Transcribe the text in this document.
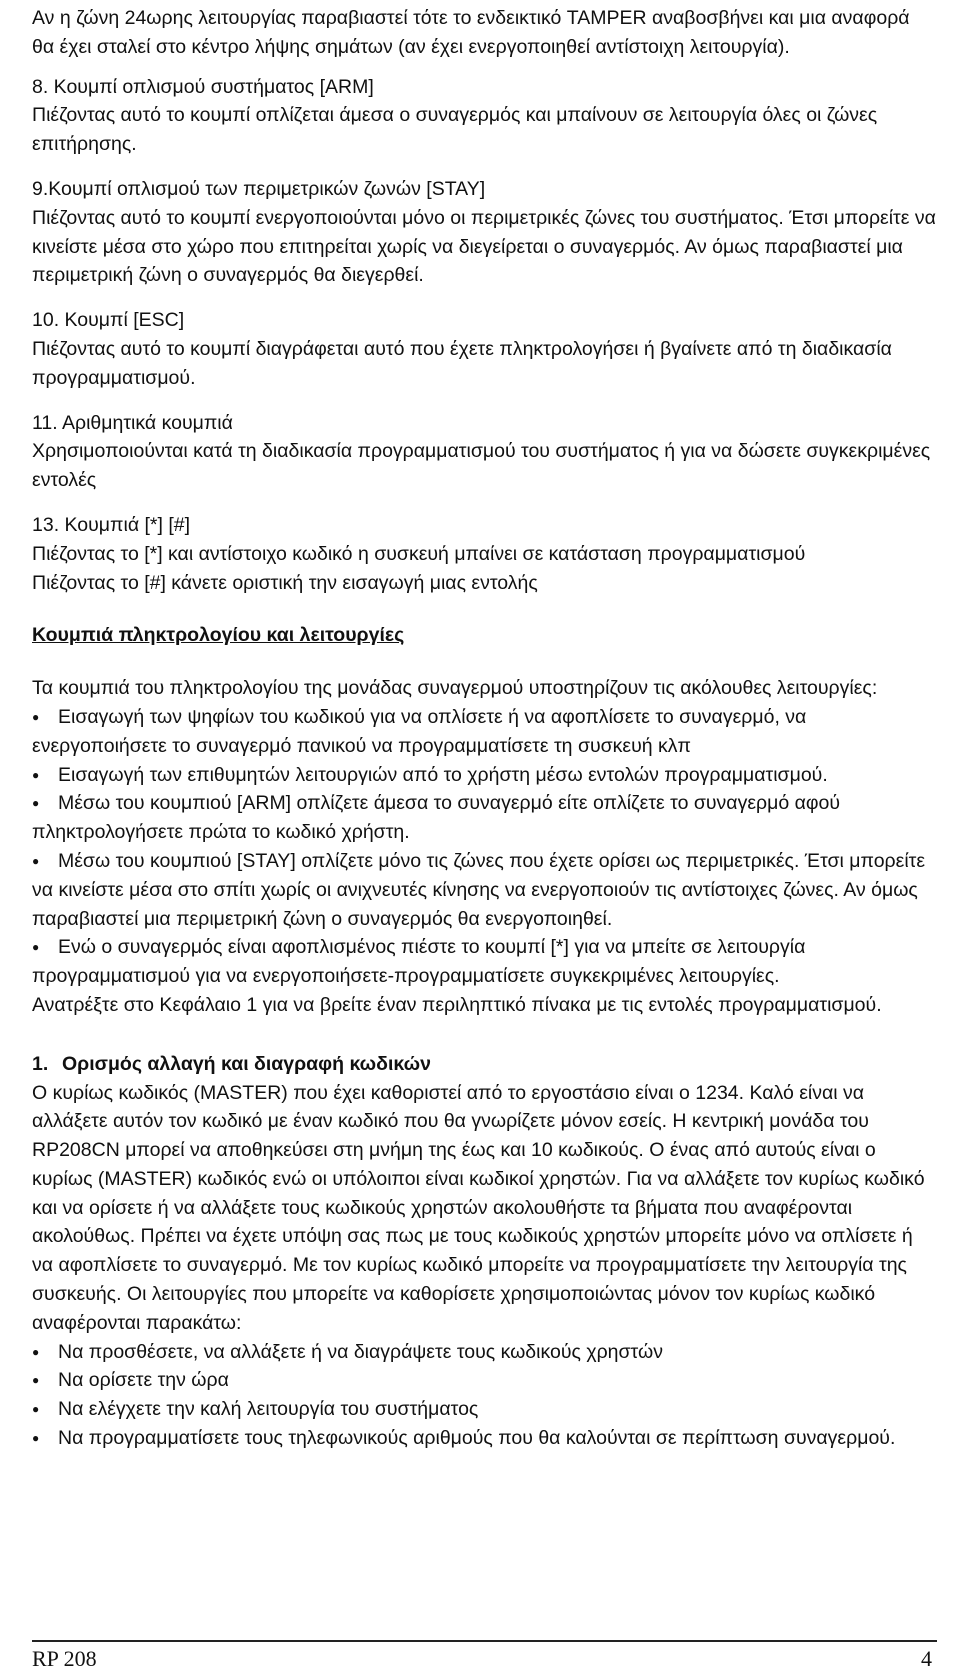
Αν η ζώνη 24ωρης λειτουργίας παραβιαστεί τότε το ενδεικτικό TAMPER αναβοσβήνει και μια αναφορά θα έχει σταλεί στο κέντρο λήψης σημάτων (αν έχει ενεργοποιηθεί αντίστοιχη λειτουργία).

8. Κουμπί οπλισμού συστήματος [ARM]

Πιέζοντας αυτό το κουμπί οπλίζεται άμεσα ο συναγερμός και μπαίνουν σε λειτουργία όλες οι ζώνες επιτήρησης.

9.Κουμπί οπλισμού των περιμετρικών ζωνών [STAY]

Πιέζοντας αυτό το κουμπί ενεργοποιούνται μόνο οι περιμετρικές ζώνες του συστήματος. Έτσι μπορείτε να κινείστε μέσα στο χώρο που επιτηρείται χωρίς να διεγείρεται ο συναγερμός. Αν όμως παραβιαστεί μια περιμετρική ζώνη ο συναγερμός θα διεγερθεί.

10. Κουμπί [ESC]

Πιέζοντας αυτό το κουμπί διαγράφεται αυτό που έχετε πληκτρολογήσει ή βγαίνετε από τη διαδικασία προγραμματισμού.

11. Αριθμητικά κουμπιά

Χρησιμοποιούνται κατά τη διαδικασία προγραμματισμού του συστήματος ή για να δώσετε συγκεκριμένες εντολές

13. Κουμπιά [*] [#]

Πιέζοντας το [*] και αντίστοιχο κωδικό η συσκευή μπαίνει σε κατάσταση προγραμματισμού

Πιέζοντας το [#] κάνετε οριστική την εισαγωγή μιας εντολής

Κουμπιά πληκτρολογίου και λειτουργίες

Τα κουμπιά του πληκτρολογίου της μονάδας συναγερμού υποστηρίζουν τις ακόλουθες λειτουργίες:

● Εισαγωγή των ψηφίων του κωδικού για να οπλίσετε ή να αφοπλίσετε το συναγερμό, να ενεργοποιήσετε το συναγερμό πανικού να προγραμματίσετε τη συσκευή κλπ
● Εισαγωγή των επιθυμητών λειτουργιών από το χρήστη μέσω εντολών προγραμματισμού.
● Μέσω του κουμπιού [ARM] οπλίζετε άμεσα το συναγερμό είτε οπλίζετε το συναγερμό αφού πληκτρολογήσετε πρώτα το κωδικό χρήστη.
● Μέσω του κουμπιού [STAY] οπλίζετε μόνο τις ζώνες που έχετε ορίσει ως περιμετρικές. Έτσι μπορείτε να κινείστε μέσα στο σπίτι χωρίς οι ανιχνευτές κίνησης να ενεργοποιούν τις αντίστοιχες ζώνες. Αν όμως παραβιαστεί μια περιμετρική ζώνη ο συναγερμός θα ενεργοποιηθεί.
● Ενώ ο συναγερμός είναι αφοπλισμένος πιέστε το κουμπί [*] για να μπείτε σε λειτουργία προγραμματισμού για να ενεργοποιήσετε-προγραμματίσετε συγκεκριμένες λειτουργίες.

Ανατρέξτε στο Κεφάλαιο 1 για να βρείτε έναν περιληπτικό πίνακα με τις εντολές προγραμματισμού.

1. Ορισμός αλλαγή και διαγραφή κωδικών

Ο κυρίως κωδικός (MASTER) που έχει καθοριστεί από το εργοστάσιο είναι ο 1234. Καλό είναι να αλλάξετε αυτόν τον κωδικό με έναν κωδικό που θα γνωρίζετε μόνον εσείς. Η κεντρική μονάδα του RP208CN μπορεί να αποθηκεύσει στη μνήμη της έως και 10 κωδικούς. Ο ένας από αυτούς είναι ο κυρίως (MASTER) κωδικός ενώ οι υπόλοιποι είναι κωδικοί χρηστών. Για να αλλάξετε τον κυρίως κωδικό και να ορίσετε ή να αλλάξετε τους κωδικούς χρηστών ακολουθήστε τα βήματα που αναφέρονται ακολούθως. Πρέπει να έχετε υπόψη σας πως με τους κωδικούς χρηστών μπορείτε μόνο να οπλίσετε ή να αφοπλίσετε το συναγερμό. Με τον κυρίως κωδικό μπορείτε να προγραμματίσετε την λειτουργία της συσκευής. Οι λειτουργίες που μπορείτε να καθορίσετε χρησιμοποιώντας μόνον τον κυρίως κωδικό αναφέρονται παρακάτω:

● Να προσθέσετε, να αλλάξετε ή να διαγράψετε τους κωδικούς χρηστών
● Να ορίσετε την ώρα
● Να ελέγχετε την καλή λειτουργία του συστήματος
● Να προγραμματίσετε τους τηλεφωνικούς αριθμούς που θα καλούνται σε περίπτωση συναγερμού.
RP 208	4
